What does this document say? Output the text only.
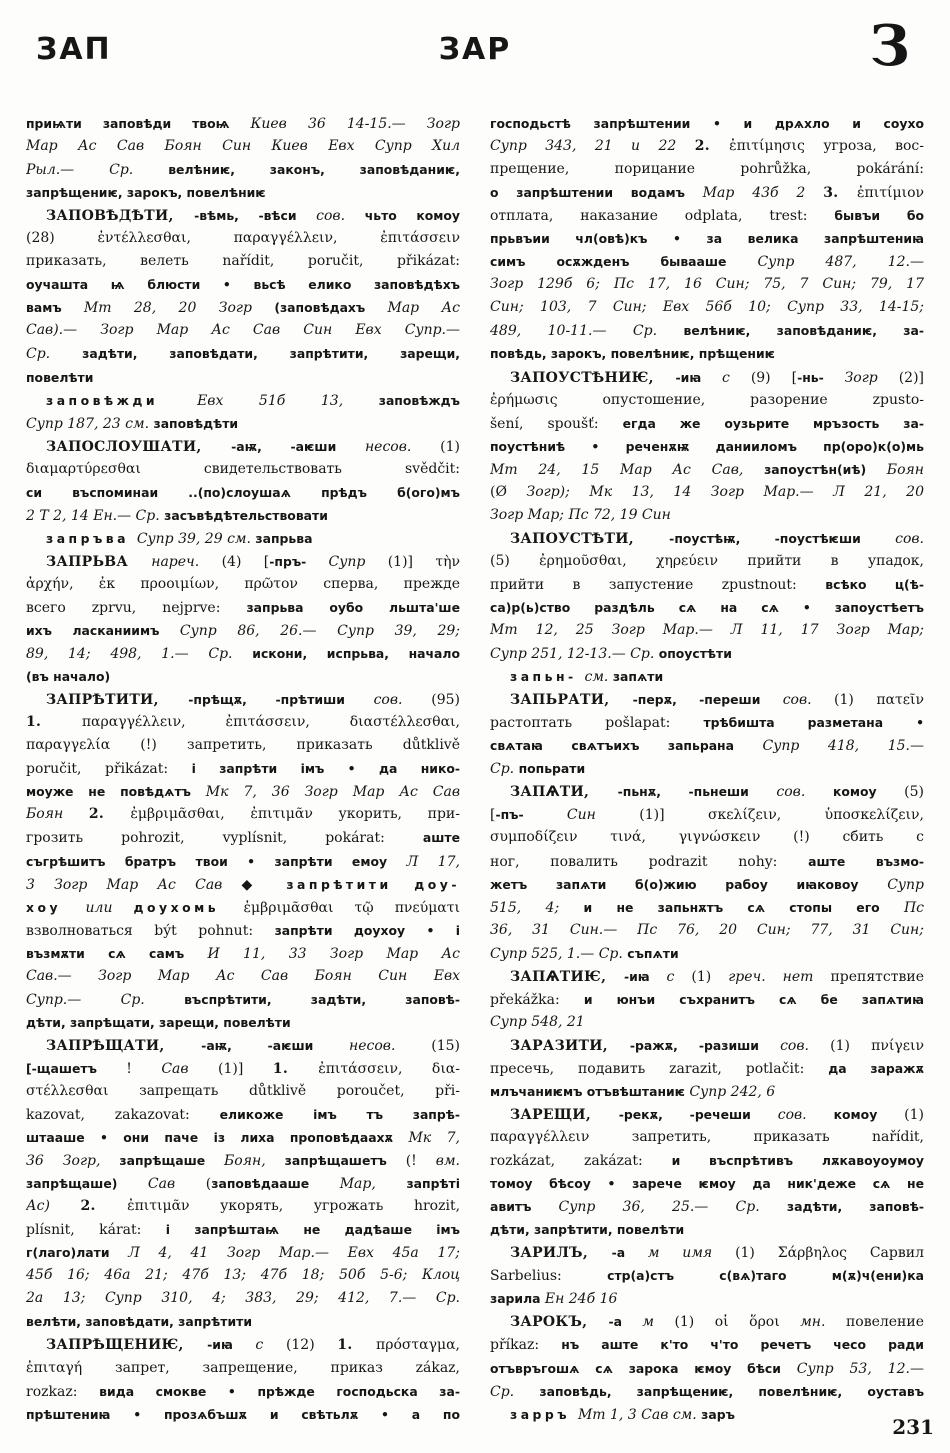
ЗАП	ЗАР	З
приѩти заповѣди твоѩ Киев 36 14-15.— Зогр
Мар Ас Сав Боян Син Киев Евх Супр Хил
Рыл.— Ср. велѣниѥ, законъ, заповѣданиѥ,
запрѣщениѥ, зарокъ, повелѣниѥ
ЗАПОВѢДѢТИ, -вѣмь, -вѣси сов. чьто комоу
(28) ἐντέλλεσθαι, παραγγέλλειν, ἐπιτάσσειν
приказать, велеть nařídit, poručit, přikázat:
оучашта ѩ блюсти • вьсѣ елико заповѣдѣхъ
вамъ Мт 28, 20 Зогр (заповѣдахъ Мар Ас
Сав).— Зогр Мар Ас Сав Син Евх Супр.—
Ср. задѣти, заповѣдати, запрѣтити, зарещи,
повелѣти
заповѣжди Евх 51б 13, заповѣждъ
Супр 187, 23 см. заповѣдѣти
ЗАПОСЛОУШАТИ, -аѭ, -аѥши несов. (1)
διαμαρτύρεσθαι свидетельствовать svědčit:
си въспоминаи ..(по)слоушаѧ прѣдъ б(ого)мъ
2 Т 2, 14 Ен.— Ср. засъвѣдѣтельствовати
запръва Супр 39, 29 см. запрьва
ЗАПРЬВА нареч. (4) [-пръ- Супр (1)] τὴν
ἀρχήν, ἐκ προοιμίων, πρῶτον сперва, прежде
всего zprvu, nejprve: запрьва оубо льшта'ше
ихъ ласканиимъ Супр 86, 26.— Супр 39, 29;
89, 14; 498, 1.— Ср. искони, испрьва, начало
(въ начало)
ЗАПРѢТИТИ, -прѣщѫ, -прѣтиши сов. (95)
1. παραγγέλλειν, ἐπιτάσσειν, διαστέλλεσθαι,
παραγγελία (!) запретить, приказать důtklivě
poručit, přikázat: і запрѣти імъ • да нико-
моуже не повѣдѧтъ Мк 7, 36 Зогр Мар Ас Сав
Боян 2. ἐμβριμᾶσθαι, ἐπιτιμᾶν укорить, при-
грозить pohrozit, vyplísnit, pokárat: аште
съгрѣшитъ братръ твои • запрѣти емоу Л 17,
3 Зогр Мар Ас Сав ◆ запрѣтити доу-
хоу или доухомь ἐμβριμᾶσθαι τῷ πνεύματι
взволноваться být pohnut: запрѣти доухоу • і
възмѫти сѧ самъ И 11, 33 Зогр Мар Ас
Сав.— Зогр Мар Ас Сав Боян Син Евх
Супр.— Ср. въспрѣтити, задѣти, заповѣ-
дѣти, запрѣщати, зарещи, повелѣти
ЗАПРѢЩАТИ, -аѭ, -аѥши несов. (15)
[-щашетъ ! Сав (1)] 1. ἐπιτάσσειν, δια-
στέλλεσθαι запрещать důtklivě poroučet, při-
kazovat, zakazovat: еликоже імъ тъ запрѣ-
штааше • они паче із лиха проповѣдаахѫ Мк 7,
36 Зогр, запрѣщаше Боян, запрѣщашетъ (! вм.
запрѣщаше) Сав (заповѣдааше Мар, запрѣті
Ас) 2. ἐπιτιμᾶν укорять, угрожать hrozit,
plísnit, kárat: і запрѣштаѩ не дадѣаше імъ
г(лаго)лати Л 4, 41 Зогр Мар.— Евх 45а 17;
45б 16; 46а 21; 47б 13; 47б 18; 50б 5-6; Клоц
2а 13; Супр 310, 4; 383, 29; 412, 7.— Ср.
велѣти, заповѣдати, запрѣтити
ЗАПРѢЩЕНИѤ, -иꙗ с (12) 1. πρόσταγμα,
ἐπιταγή запрет, запрещение, приказ zákaz,
rozkaz: вида смокве • прѣжде господьска за-
прѣштениꙗ • прозѧбъшѫ и свѣтьлѫ • а по
господьстѣ запрѣштении • и дрѧхло и соухо
Супр 343, 21 и 22 2. ἐπιτίμησις угроза, вос-
прещение, порицание pohrůžka, pokárání:
о запрѣштении водамъ Мар 43б 2 3. ἐπιτίμιον
отплата, наказание odplata, trest: бывъи бо
прьвъии чл(овѣ)къ • за велика запрѣштениꙗ
симъ осѫжденъ бывааше Супр 487, 12.—
Зогр 129б 6; Пс 17, 16 Син; 75, 7 Син; 79, 17
Син; 103, 7 Син; Евх 56б 10; Супр 33, 14-15;
489, 10-11.— Ср. велѣниѥ, заповѣданиѥ, за-
повѣдь, зарокъ, повелѣниѥ, прѣщениѥ
ЗАПОУСТѢНИѤ, -иꙗ с (9) [-нь- Зогр (2)]
ἐρήμωσις опустошение, разорение zpusto-
šení, spoušť: егда же оузьрите мръзость за-
поустѣниѣ • реченѫѭ данииломъ пр(оро)к(о)мь
Мт 24, 15 Мар Ас Сав, запоустѣн(иѣ) Боян
(Ø Зогр); Мк 13, 14 Зогр Мар.— Л 21, 20
Зогр Мар; Пс 72, 19 Син
ЗАПОУСТѢТИ, -поустѣѭ, -поустѣѥши сов.
(5) ἐρημοῦσθαι, χηρεύειν прийти в упадок,
прийти в запустение zpustnout: всѣко ц(ѣ-
са)р(ь)ство раздѣль сѧ на сѧ • запоустѣетъ
Мт 12, 25 Зогр Мар.— Л 11, 17 Зогр Мар;
Супр 251, 12-13.— Ср. опоустѣти
запьн- см. запѧти
ЗАПЬРАТИ, -перѫ, -переши сов. (1) πατεῖν
растоптать pošlapat: трѣбишта разметана •
свѧтаꙗ свѧтъихъ запьрана Супр 418, 15.—
Ср. попьрати
ЗАПѦТИ, -пьнѫ, -пьнеши сов. комоу (5)
[-пъ- Син (1)] σκελίζειν, ὑποσκελίζειν,
συμποδίζειν τινά, γιγνώσκειν (!) сбить с
ног, повалить podrazit nohy: аште възмо-
жетъ запѧти б(о)жию рабоу иꙗковоу Супр
515, 4; и не запьнѫтъ сѧ стопы его Пс
36, 31 Син.— Пс 76, 20 Син; 77, 31 Син;
Супр 525, 1.— Ср. съпѧти
ЗАПѦТИѤ, -иꙗ с (1) греч. нет препятствие
překážka: и юнъи съхранитъ сѧ бе запѧтиꙗ
Супр 548, 21
ЗАРАЗИТИ, -ражѫ, -разиши сов. (1) πνίγειν
пресечь, подавить zarazit, potlačit: да заражѫ
млъчаниѥмъ отъвѣштаниѥ Супр 242, 6
ЗАРЕЩИ, -рекѫ, -речеши сов. комоу (1)
παραγγέλλειν запретить, приказать nařídit,
rozkázat, zakázat: и въспрѣтивъ лѫкавоуоумоу
томоу бѣсоу • зарече ѥмоу да ник'деже сѧ не
авитъ Супр 36, 25.— Ср. задѣти, заповѣ-
дѣти, запрѣтити, повелѣти
ЗАРИЛЪ, -а м имя (1) Σάρβηλος Сарвил
Sarbelius: стр(а)стъ с(вѧ)таго м(ѫ)ч(ени)ка
зарила Ен 24б 16
ЗАРОКЪ, -а м (1) οἱ ὅροι мн. повеление
příkaz: нъ аште к'то ч'то речетъ чесо ради
отъвръгошѧ сѧ зарока ѥмоу бѣси Супр 53, 12.—
Ср. заповѣдь, запрѣщениѥ, повелѣниѥ, оуставъ
зарръ Мт 1, 3 Сав см. заръ
231
